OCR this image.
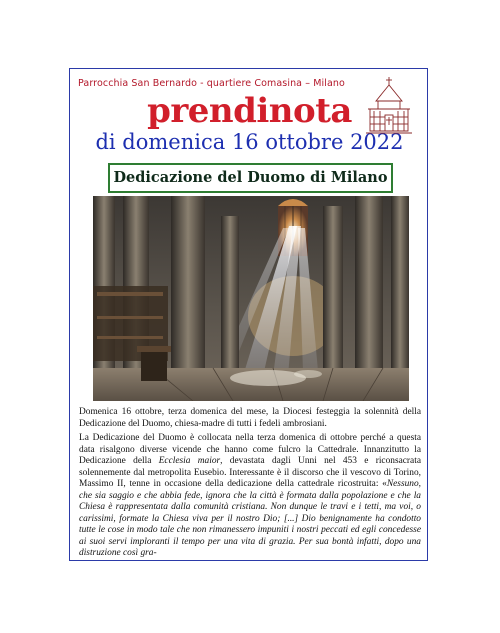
Parrocchia San Bernardo - quartiere Comasina – Milano
prendinota
di domenica 16 ottobre 2022
Dedicazione del Duomo di Milano

Domenica 16 ottobre, terza domenica del mese, la Diocesi festeggia la solennità della Dedicazione del Duomo, chiesa-madre di tutti i fedeli ambrosiani.

La Dedicazione del Duomo è collocata nella terza domenica di ottobre perché a questa data risalgono diverse vicende che hanno come fulcro la Cattedrale. Innanzitutto la Dedicazione della Ecclesia maior, devastata dagli Unni nel 453 e riconsacrata solennemente dal metropolita Eusebio. Interessante è il discorso che il vescovo di Torino, Massimo II, tenne in occasione della dedicazione della cattedrale ricostruita: «Nessuno, che sia saggio e che abbia fede, ignora che la città è formata dalla popolazione e che la Chiesa è rappresentata dalla comunità cristiana. Non dunque le travi e i tetti, ma voi, o carissimi, formate la Chiesa viva per il nostro Dio; [...] Dio benignamente ha condotto tutte le cose in modo tale che non rimanessero impuniti i nostri peccati ed egli concedesse ai suoi servi imploranti il tempo per una vita di grazia. Per sua bontà infatti, dopo una distruzione così gra-
